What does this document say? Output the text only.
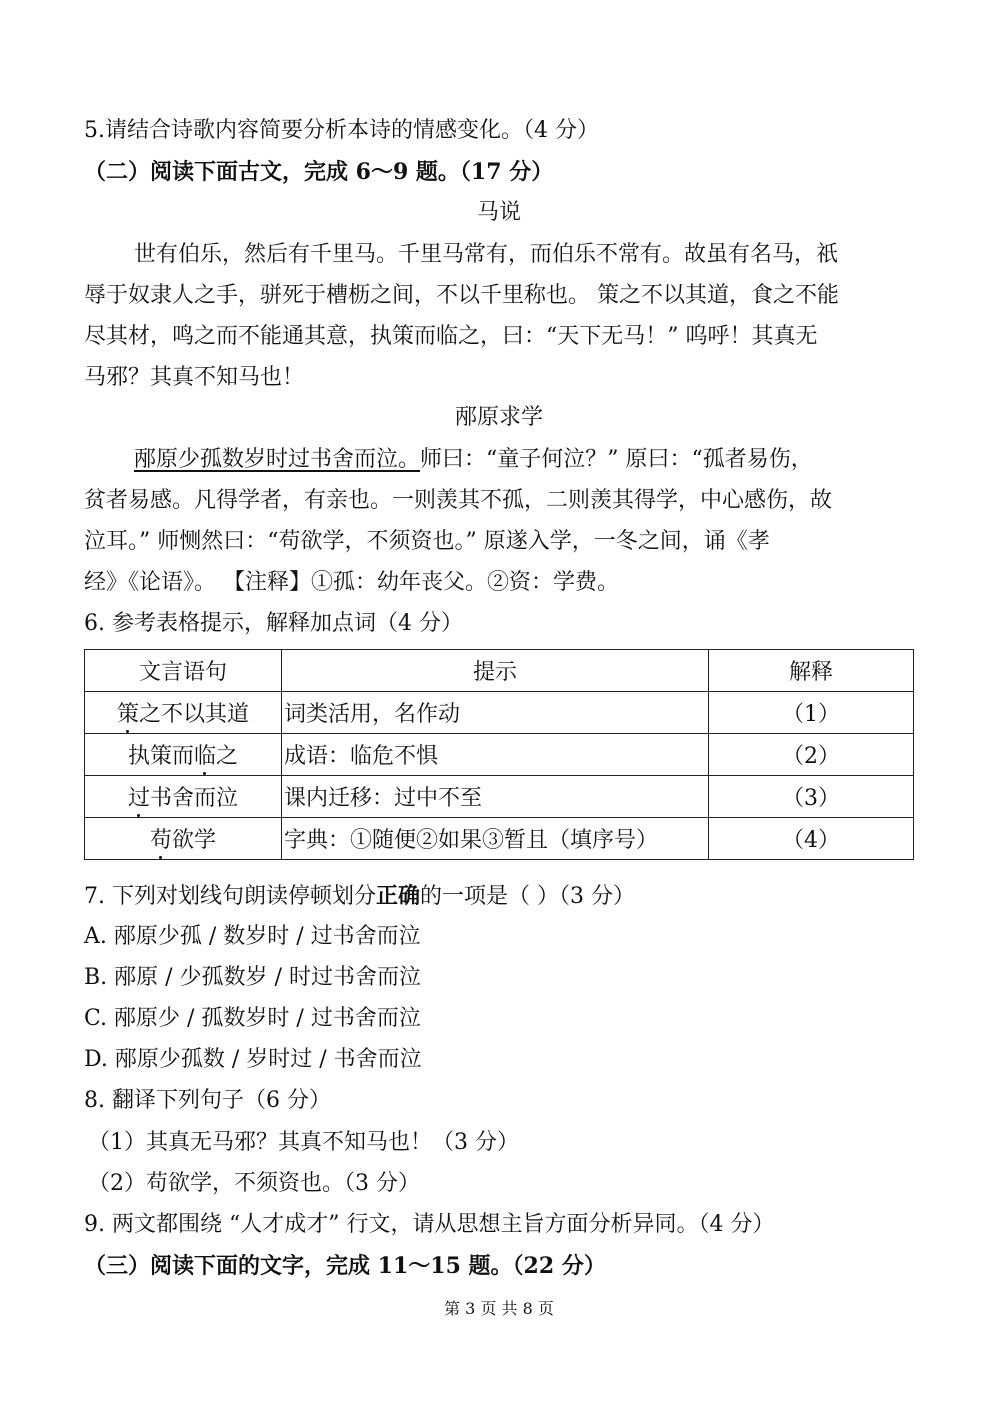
5.请结合诗歌内容简要分析本诗的情感变化。（4 分）
（二）阅读下面古文，完成 6～9 题。（17 分）
马说
世有伯乐，然后有千里马。千里马常有，而伯乐不常有。故虽有名马，祇
辱于奴隶人之手，骈死于槽枥之间，不以千里称也。 策之不以其道，食之不能
尽其材，鸣之而不能通其意，执策而临之，曰：“天下无马！” 呜呼！其真无
马邪？其真不知马也！
邴原求学
邴原少孤数岁时过书舍而泣。师曰：“童子何泣？” 原曰：“孤者易伤，
贫者易感。凡得学者，有亲也。一则羡其不孤，二则羡其得学，中心感伤，故
泣耳。” 师恻然曰：“苟欲学，不须资也。” 原遂入学，一冬之间，诵《孝
经》《论语》。 【注释】①孤：幼年丧父。②资：学费。
6. 参考表格提示，解释加点词（4 分）
文言语句	提示	解释
策之不以其道	词类活用，名作动	（1）
执策而临之	成语：临危不惧	（2）
过书舍而泣	课内迁移：过中不至	（3）
苟欲学	字典：①随便②如果③暂且（填序号）	（4）
7. 下列对划线句朗读停顿划分正确的一项是（ ）（3 分）
A. 邴原少孤 / 数岁时 / 过书舍而泣
B. 邴原 / 少孤数岁 / 时过书舍而泣
C. 邴原少 / 孤数岁时 / 过书舍而泣
D. 邴原少孤数 / 岁时过 / 书舍而泣
8. 翻译下列句子（6 分）
（1）其真无马邪？其真不知马也！（3 分）
（2）苟欲学，不须资也。（3 分）
9. 两文都围绕 “人才成才” 行文，请从思想主旨方面分析异同。（4 分）
（三）阅读下面的文字，完成 11～15 题。（22 分）
第 3 页 共 8 页
